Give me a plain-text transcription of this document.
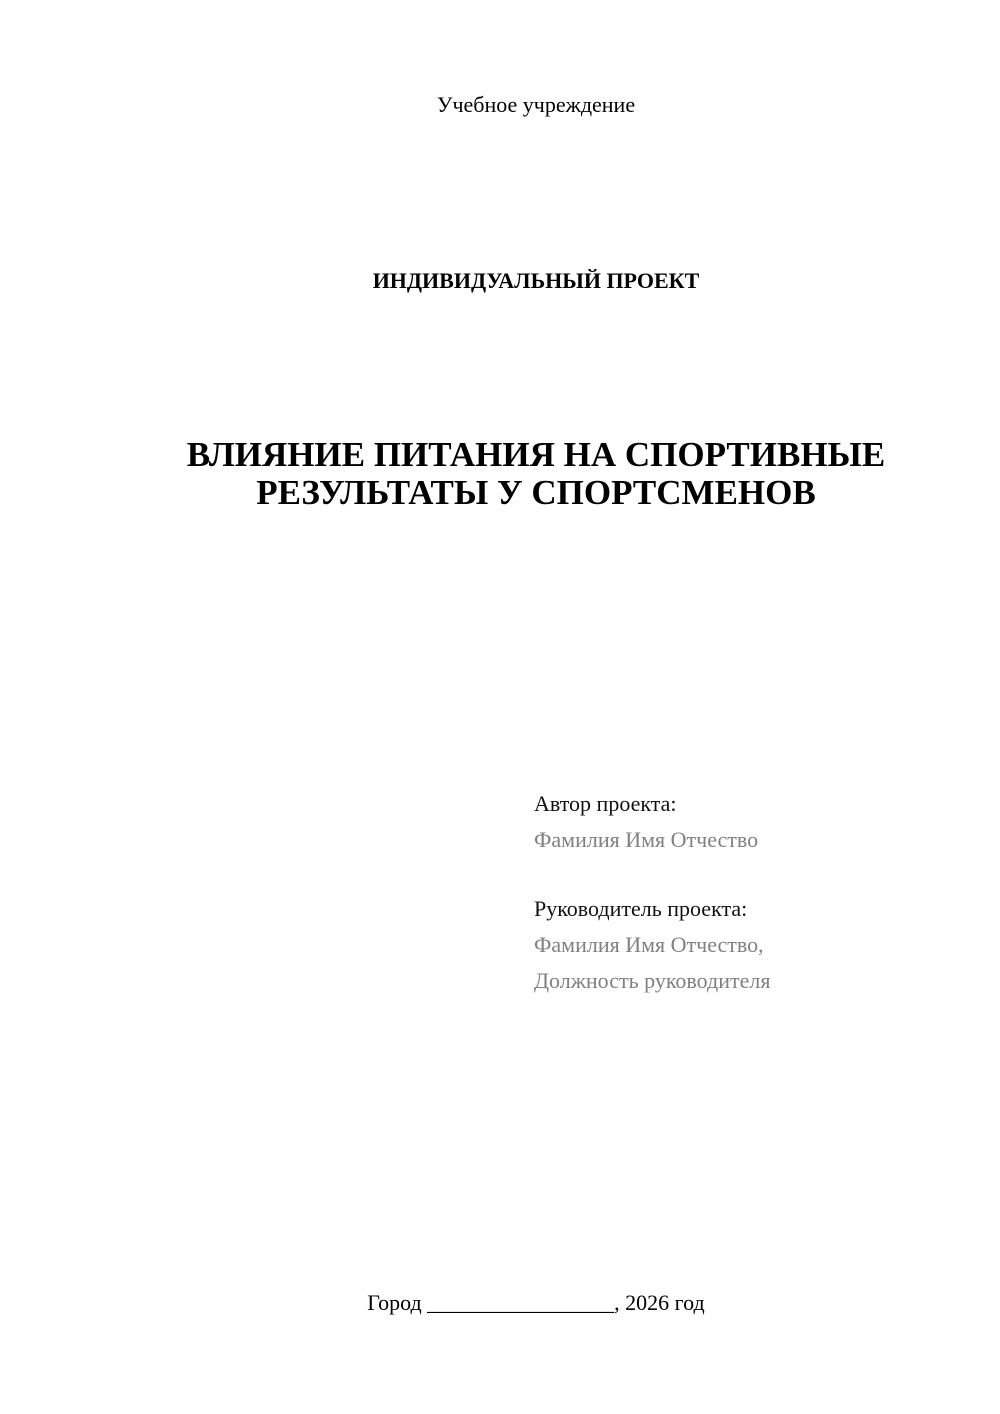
Учебное учреждение
ИНДИВИДУАЛЬНЫЙ ПРОЕКТ
ВЛИЯНИЕ ПИТАНИЯ НА СПОРТИВНЫЕ
РЕЗУЛЬТАТЫ У СПОРТСМЕНОВ
Автор проекта:
Фамилия Имя Отчество
Руководитель проекта:
Фамилия Имя Отчество,
Должность руководителя
Город _________________, 2026 год
